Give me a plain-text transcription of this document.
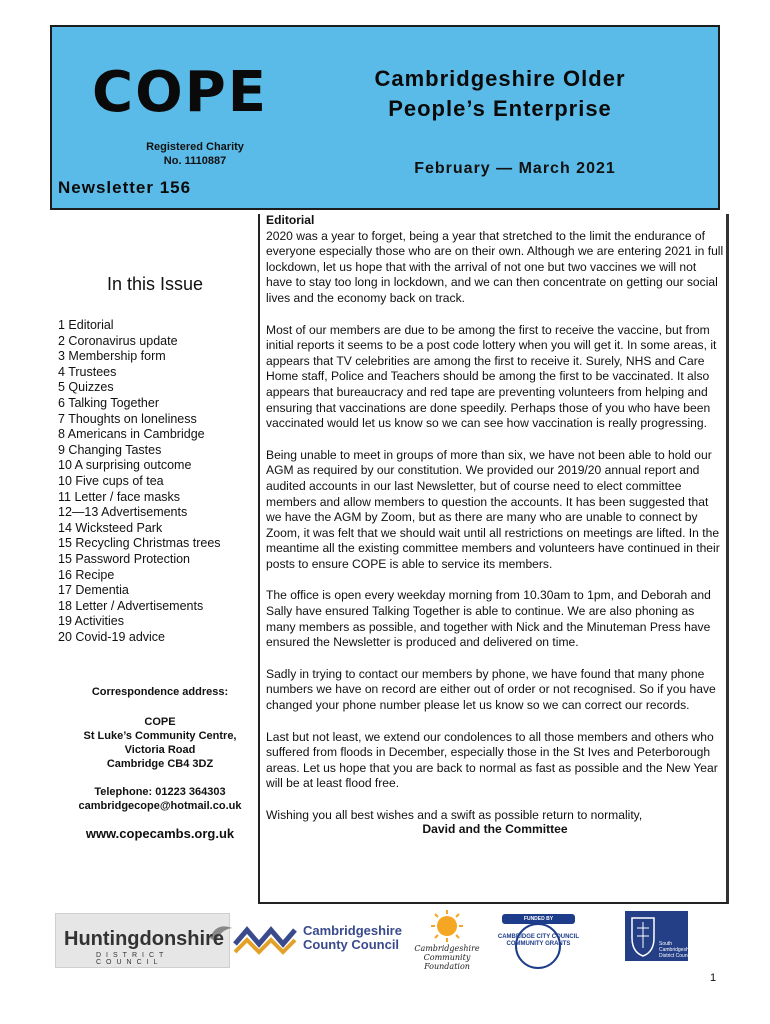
COPE
Registered Charity
No. 1110887
Newsletter 156
Cambridgeshire Older
People’s Enterprise
February — March 2021
In this Issue
1 Editorial
2 Coronavirus update
3 Membership form
4 Trustees
5 Quizzes
6 Talking Together
7 Thoughts on loneliness
8 Americans in Cambridge
9 Changing Tastes
10 A surprising outcome
10 Five cups of tea
11 Letter / face masks
12—13 Advertisements
14 Wicksteed Park
15 Recycling Christmas trees
15 Password Protection
16 Recipe
17 Dementia
18 Letter / Advertisements
19 Activities
20 Covid-19 advice
Correspondence address:
COPE
St Luke’s Community Centre,
Victoria Road
Cambridge CB4 3DZ
Telephone: 01223 364303
cambridgecope@hotmail.co.uk
www.copecambs.org.uk
Editorial

2020 was a year to forget, being a year that stretched to the limit the endurance of everyone especially those who are on their own. Although we are entering 2021 in full lockdown, let us hope that with the arrival of not one but two vaccines we will not have to stay too long in lockdown, and we can then concentrate on getting our social lives and the economy back on track.

Most of our members are due to be among the first to receive the vaccine, but from initial reports it seems to be a post code lottery when you will get it. In some areas, it appears that TV celebrities are among the first to receive it. Surely, NHS and Care Home staff, Police and Teachers should be among the first to be vaccinated. It also appears that bureaucracy and red tape are preventing volunteers from helping and ensuring that vaccinations are done speedily. Perhaps those of you who have been vaccinated would let us know so we can see how vaccination is really progressing.

Being unable to meet in groups of more than six, we have not been able to hold our AGM as required by our constitution. We provided our 2019/20 annual report and audited accounts in our last Newsletter, but of course need to elect committee members and allow members to question the accounts. It has been suggested that we have the AGM by Zoom, but as there are many who are unable to connect by Zoom, it was felt that we should wait until all restrictions on meetings are lifted. In the meantime all the existing committee members and volunteers have continued in their posts to ensure COPE is able to service its members.

The office is open every weekday morning from 10.30am to 1pm, and Deborah and Sally have ensured Talking Together is able to continue. We are also phoning as many members as possible, and together with Nick and the Minuteman Press have ensured the Newsletter is produced and delivered on time.

Sadly in trying to contact our members by phone, we have found that many phone numbers we have on record are either out of order or not recognised. So if you have changed your phone number please let us know so we can correct our records.

Last but not least, we extend our condolences to all those members and others who suffered from floods in December, especially those in the St Ives and Peterborough areas. Let us hope that you are back to normal as fast as possible and the New Year will be at least flood free.

Wishing you all best wishes and a swift as possible return to normality,

David and the Committee
Huntingdonshire
DISTRICT COUNCIL
Cambridgeshire
County Council	Cambridgeshire Community Foundation
FUNDED BY
CAMBRIDGE CITY COUNCIL
COMMUNITY GRANTS	South
Cambridgeshire
District Council
1
